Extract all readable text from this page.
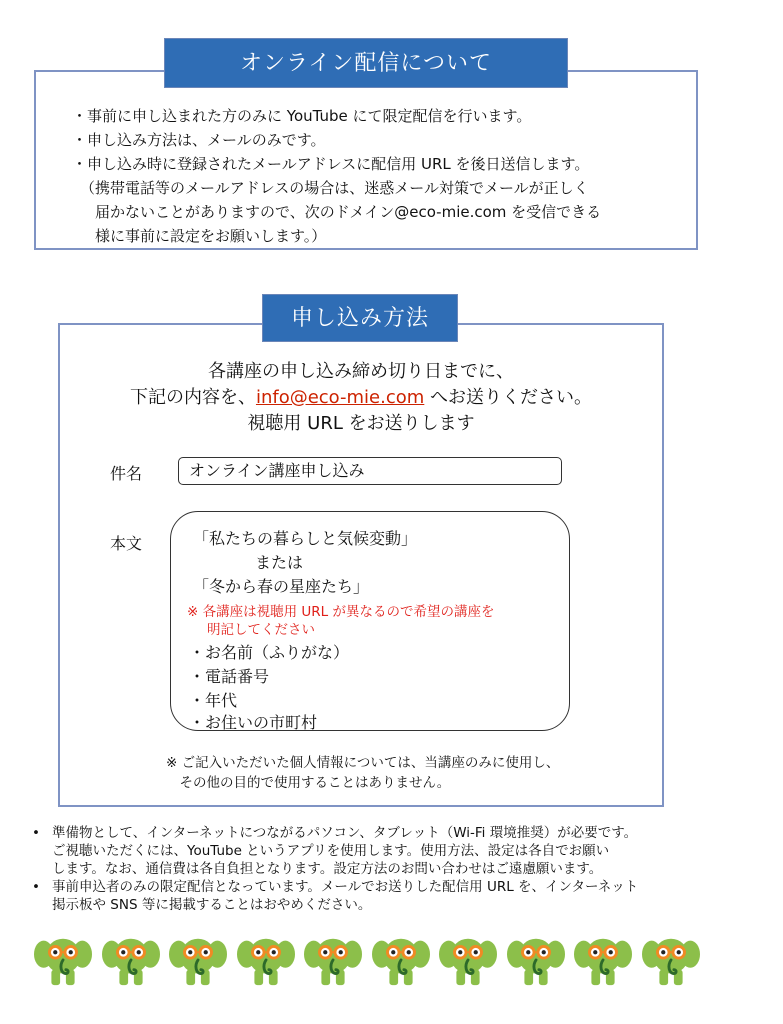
・事前に申し込まれた方のみに YouTube にて限定配信を行います。
・申し込み方法は、メールのみです。
・申し込み時に登録されたメールアドレスに配信用 URL を後日送信します。
（携帯電話等のメールアドレスの場合は、迷惑メール対策でメールが正しく
　届かないことがありますので、次のドメイン@eco-mie.com を受信できる
　様に事前に設定をお願いします。）
オンライン配信について
各講座の申し込み締め切り日までに、
下記の内容を、info@eco-mie.com へお送りください。
視聴用 URL をお送りします
件名	オンライン講座申し込み
本文	「私たちの暮らしと気候変動」
または
「冬から春の星座たち」
※ 各講座は視聴用 URL が異なるので希望の講座を
明記してください
・お名前（ふりがな）
・電話番号
・年代
・お住いの市町村
※ ご記入いただいた個人情報については、当講座のみに使用し、
　その他の目的で使用することはありません。
申し込み方法
• 準備物として、インターネットにつながるパソコン、タブレット（Wi-Fi 環境推奨）が必要です。
ご視聴いただくには、YouTube というアプリを使用します。使用方法、設定は各自でお願い
します。なお、通信費は各自負担となります。設定方法のお問い合わせはご遠慮願います。
• 事前申込者のみの限定配信となっています。メールでお送りした配信用 URL を、インターネット
掲示板や SNS 等に掲載することはおやめください。
